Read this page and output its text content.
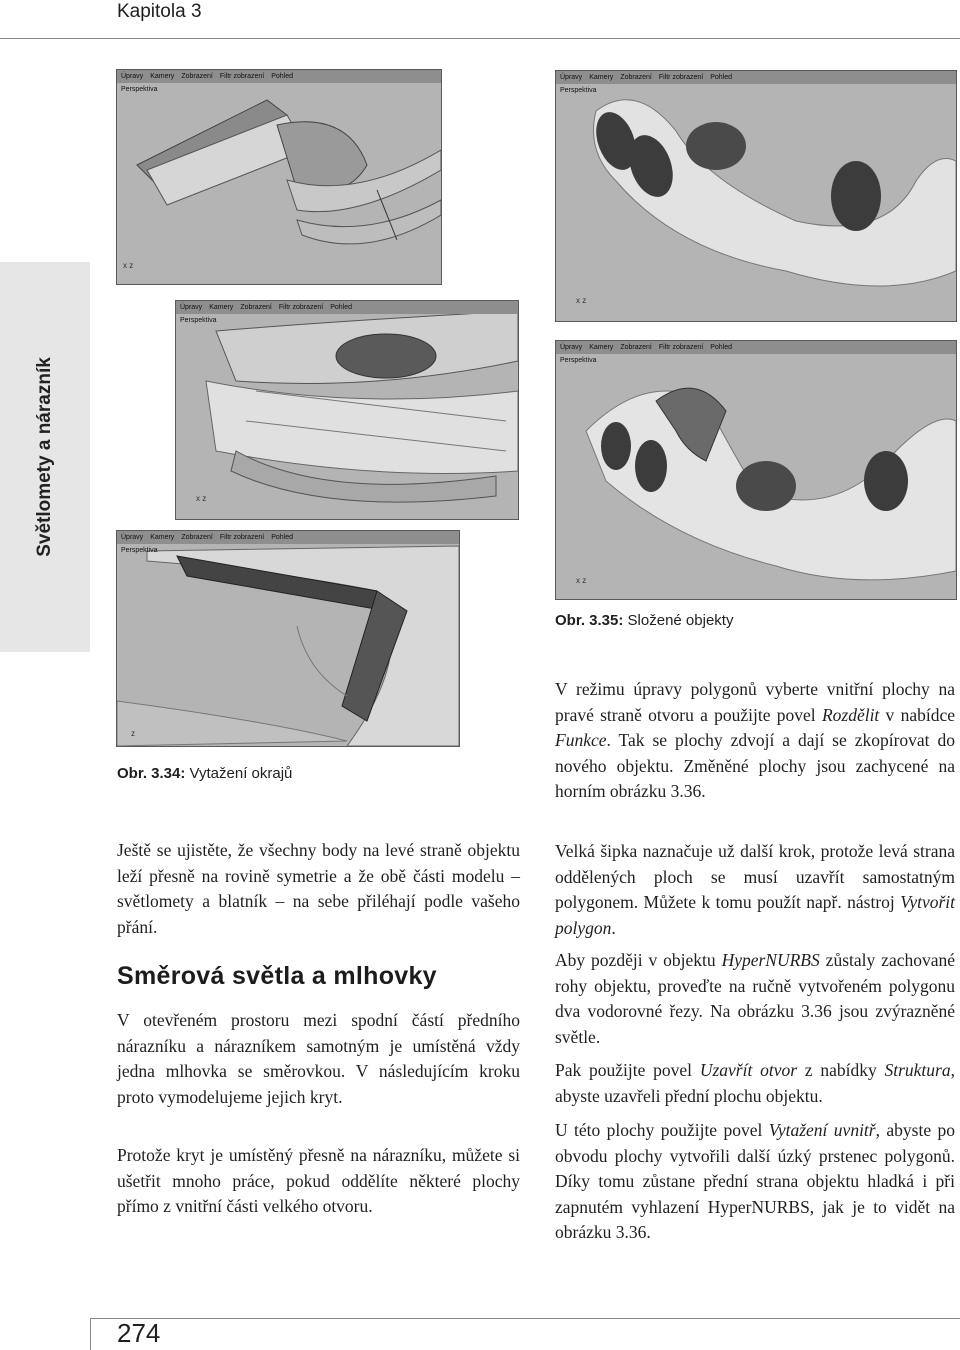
Kapitola 3
Světlomety a nárazník
x z
Úpravy Kamery Zobrazení Filtr zobrazení Pohled
Perspektiva
x z
Úpravy Kamery Zobrazení Filtr zobrazení Pohled
Perspektiva
z
Úpravy Kamery Zobrazení Filtr zobrazení Pohled
Perspektiva
x z
Úpravy Kamery Zobrazení Filtr zobrazení Pohled
Perspektiva
x z
Úpravy Kamery Zobrazení Filtr zobrazení Pohled
Perspektiva
Obr. 3.34: Vytažení okrajů
Obr. 3.35: Složené objekty

Ještě se ujistěte, že všechny body na levé straně objektu leží přesně na rovině symetrie a že obě části modelu – světlomety a blatník – na sebe přiléhají podle vašeho přání.

Směrová světla a mlhovky

V otevřeném prostoru mezi spodní částí předního nárazníku a nárazníkem samotným je umístěná vždy jedna mlhovka se směrovkou. V následujícím kroku proto vymodelujeme jejich kryt.

Protože kryt je umístěný přesně na nárazníku, můžete si ušetřit mnoho práce, pokud oddělíte některé plochy přímo z vnitřní části velkého otvoru.

V režimu úpravy polygonů vyberte vnitřní plochy na pravé straně otvoru a použijte povel Rozdělit v nabídce Funkce. Tak se plochy zdvojí a dají se zkopírovat do nového objektu. Změněné plochy jsou zachycené na horním obrázku 3.36.

Velká šipka naznačuje už další krok, protože levá strana oddělených ploch se musí uzavřít samostatným polygonem. Můžete k tomu použít např. nástroj Vytvořit polygon.

Aby později v objektu HyperNURBS zůstaly zachované rohy objektu, proveďte na ručně vytvořeném polygonu dva vodorovné řezy. Na obrázku 3.36 jsou zvýrazněné světle.

Pak použijte povel Uzavřít otvor z nabídky Struktura, abyste uzavřeli přední plochu objektu.

U této plochy použijte povel Vytažení uvnitř, abyste po obvodu plochy vytvořili další úzký prstenec polygonů. Díky tomu zůstane přední strana objektu hladká i při zapnutém vyhlazení HyperNURBS, jak je to vidět na obrázku 3.36.

274
